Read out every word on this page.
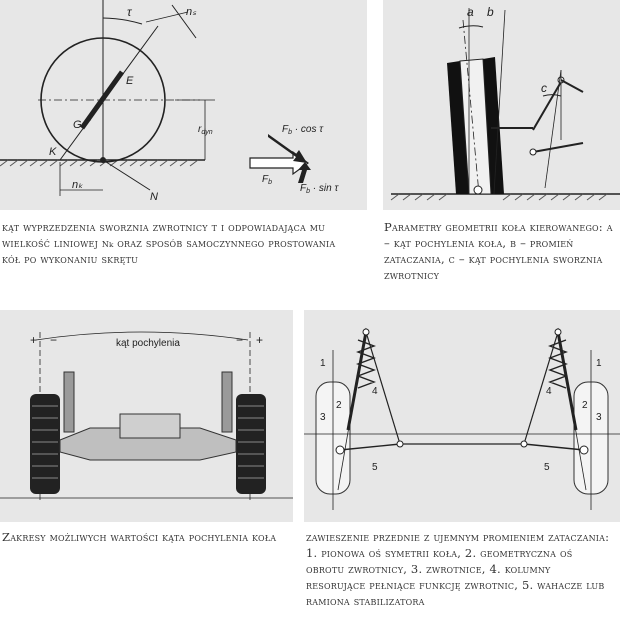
τ	nₛ
E
G
K
N
nₖ
$r_{dyn}$	$F_b \cdot \cos \tau$
$F_b$
$F_b \cdot \sin \tau$
kąt wyprzedzenia sworznia zwrotnicy τ i odpowiadająca mu wielkość liniowej nₖ oraz sposób samoczynnego prostowania kół po wykonaniu skrętu
a b
c
Parametry geometrii koła kierowanego: a – kąt pochylenia koła, b – promień zataczania, c – kąt pochylenia sworznia zwrotnicy
kąt pochylenia
+ −	− +
Zakresy możliwych wartości kąta pochylenia koła
1
2
3
4
5
1
2
3
4
5
zawieszenie przednie z ujemnym promieniem zataczania: 1. pionowa oś symetrii koła, 2. geometryczna oś obrotu zwrotnicy, 3. zwrotnice, 4. kolumny resorujące pełniące funkcję zwrotnic, 5. wahacze lub ramiona stabilizatora
